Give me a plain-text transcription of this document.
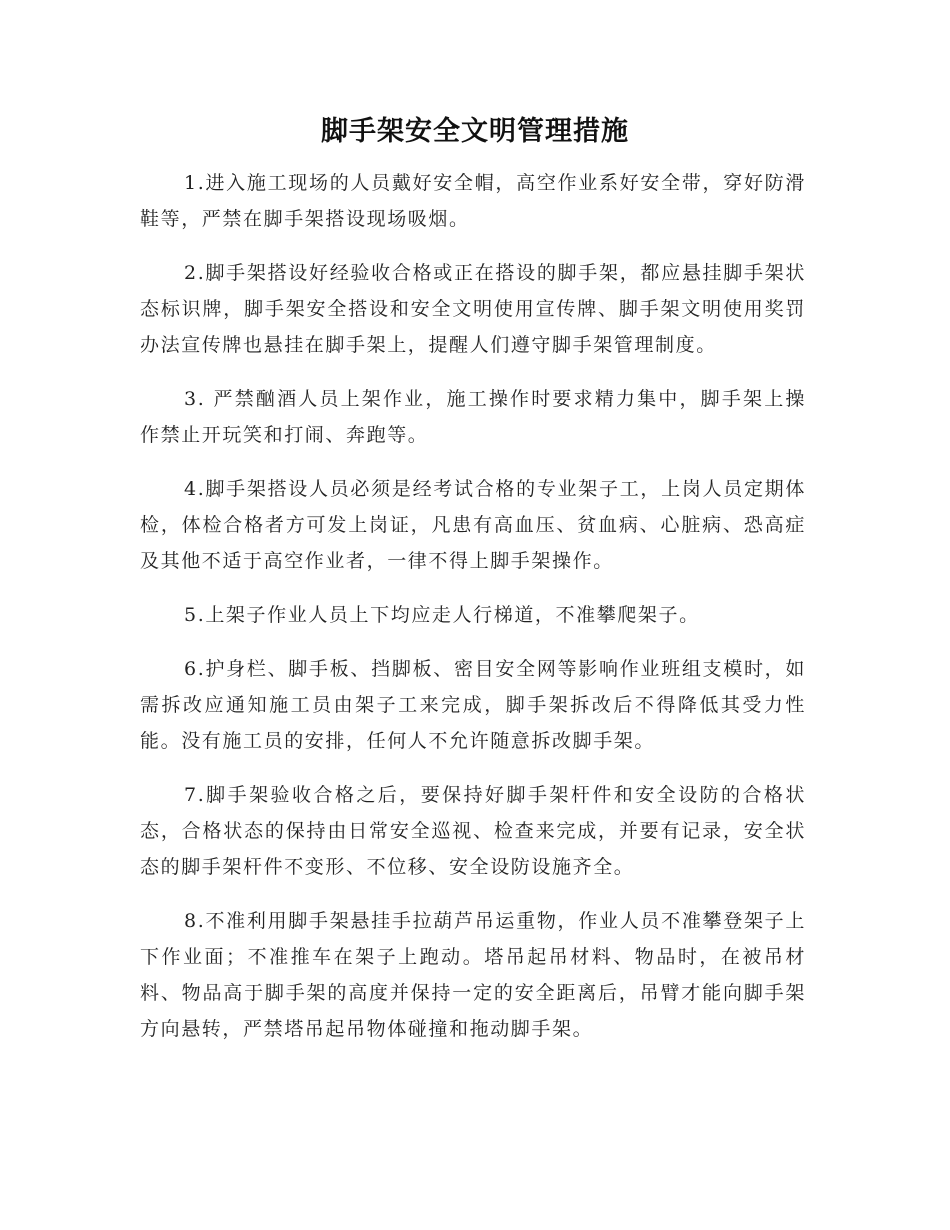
脚手架安全文明管理措施

1.进入施工现场的人员戴好安全帽，高空作业系好安全带，穿好防滑鞋等，严禁在脚手架搭设现场吸烟。

2.脚手架搭设好经验收合格或正在搭设的脚手架，都应悬挂脚手架状态标识牌，脚手架安全搭设和安全文明使用宣传牌、脚手架文明使用奖罚办法宣传牌也悬挂在脚手架上，提醒人们遵守脚手架管理制度。

3. 严禁酗酒人员上架作业，施工操作时要求精力集中，脚手架上操作禁止开玩笑和打闹、奔跑等。

4.脚手架搭设人员必须是经考试合格的专业架子工，上岗人员定期体检，体检合格者方可发上岗证，凡患有高血压、贫血病、心脏病、恐高症及其他不适于高空作业者，一律不得上脚手架操作。

5.上架子作业人员上下均应走人行梯道，不准攀爬架子。

6.护身栏、脚手板、挡脚板、密目安全网等影响作业班组支模时，如需拆改应通知施工员由架子工来完成，脚手架拆改后不得降低其受力性能。没有施工员的安排，任何人不允许随意拆改脚手架。

7.脚手架验收合格之后，要保持好脚手架杆件和安全设防的合格状态，合格状态的保持由日常安全巡视、检查来完成，并要有记录，安全状态的脚手架杆件不变形、不位移、安全设防设施齐全。

8.不准利用脚手架悬挂手拉葫芦吊运重物，作业人员不准攀登架子上下作业面；不准推车在架子上跑动。塔吊起吊材料、物品时，在被吊材料、物品高于脚手架的高度并保持一定的安全距离后，吊臂才能向脚手架方向悬转，严禁塔吊起吊物体碰撞和拖动脚手架。
